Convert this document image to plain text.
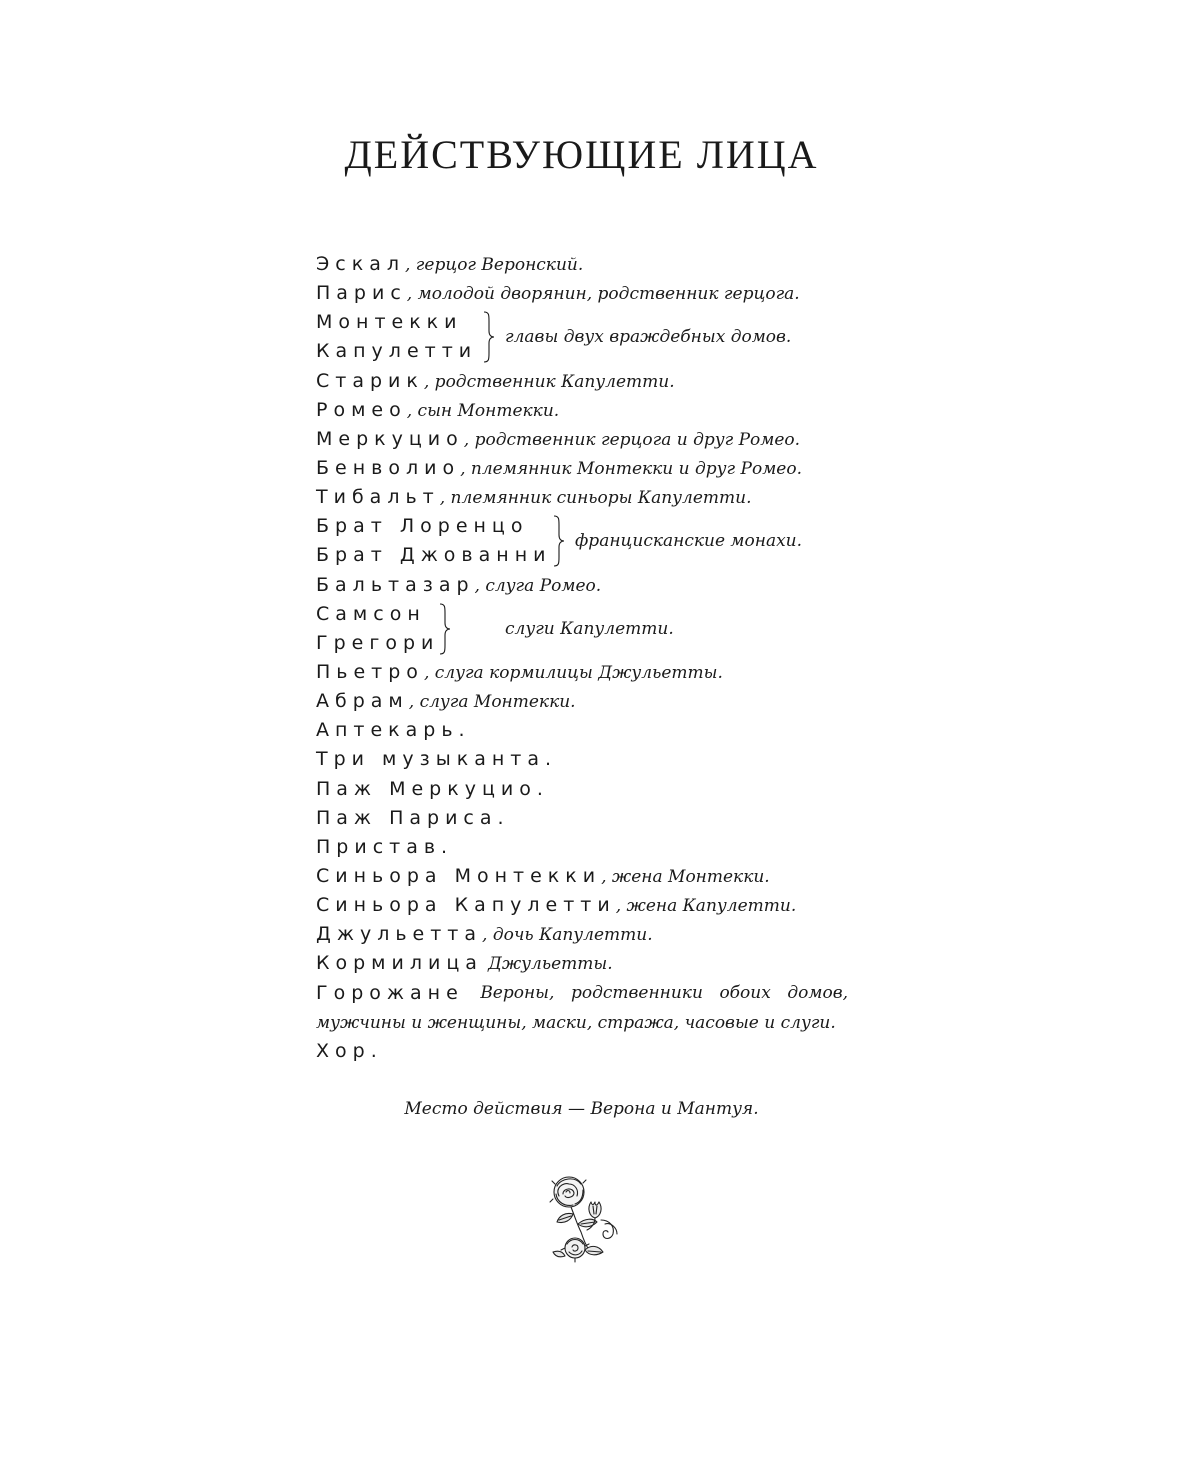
ДЕЙСТВУЮЩИЕ ЛИЦА
Эскал, герцог Веронский.
Парис, молодой дворянин, родственник герцога.
Монтекки
Капулетти
главы двух враждебных домов.
Старик, родственник Капулетти.
Ромео, сын Монтекки.
Меркуцио, родственник герцога и друг Ромео.
Бенволио, племянник Монтекки и друг Ромео.
Тибальт, племянник синьоры Капулетти.
Брат Лоренцо
Брат Джованни
францисканские монахи.
Бальтазар, слуга Ромео.
Самсон
Грегори
слуги Капулетти.
Пьетро, слуга кормилицы Джульетты.
Абрам, слуга Монтекки.
Аптекарь.
Три музыканта.
Паж Меркуцио.
Паж Париса.
Пристав.
Синьора Монтекки, жена Монтекки.
Синьора Капулетти, жена Капулетти.
Джульетта, дочь Капулетти.
Кормилица Джульетты.
Горожане Вероны, родственники обоих домов,
мужчины и женщины, маски, стража, часовые и слуги.
Хор.
Место действия — Верона и Мантуя.
